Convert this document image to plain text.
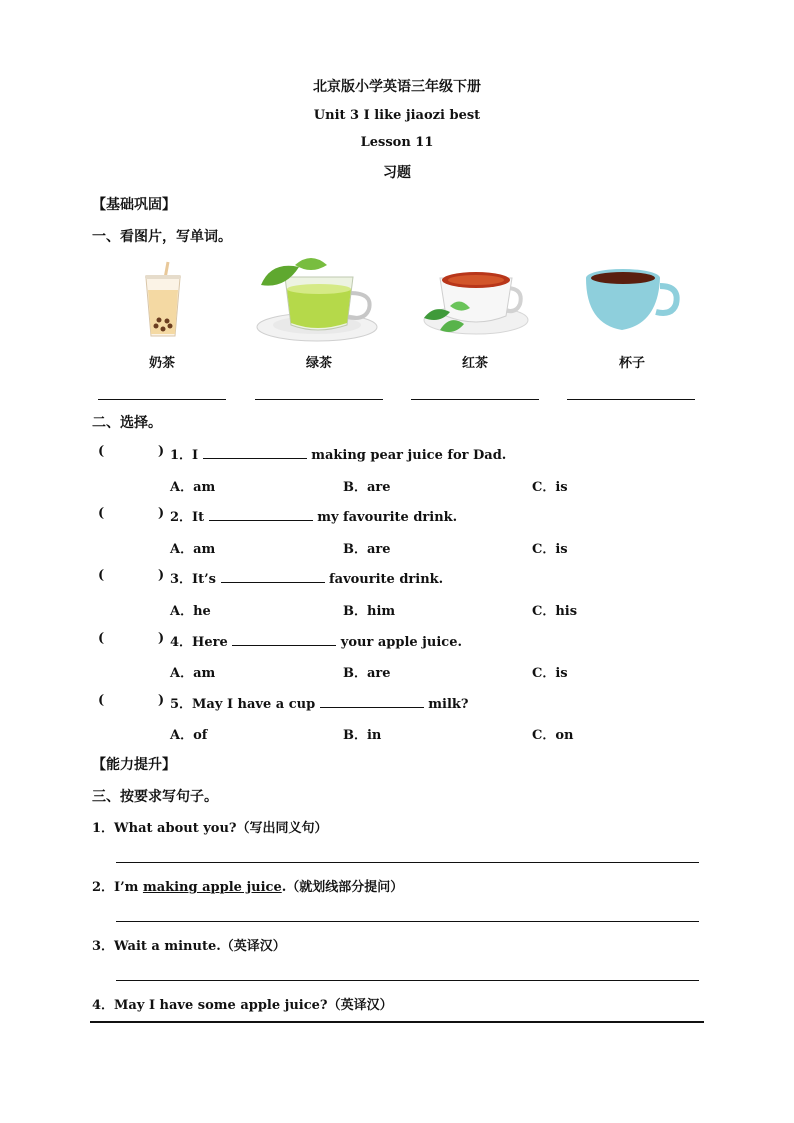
北京版小学英语三年级下册
Unit 3 I like jiaozi best
Lesson 11
习题
【基础巩固】
一、看图片，写单词。
奶茶	绿茶	红茶	杯子
二、选择。
(	) 1．I	making pear juice for Dad.
A．am	B．are	C．is
(	) 2．It	my favourite drink.
A．am	B．are	C．is
(	) 3．It’s	favourite drink.
A．he	B．him	C．his
(	) 4．Here	your apple juice.
A．am	B．are	C．is
(	) 5．May I have a cup	milk?
A．of	B．in	C．on
【能力提升】
三、按要求写句子。
1．What about you?（写出同义句）
2．I’m making apple juice.（就划线部分提问）
3．Wait a minute.（英译汉）
4．May I have some apple juice?（英译汉）
